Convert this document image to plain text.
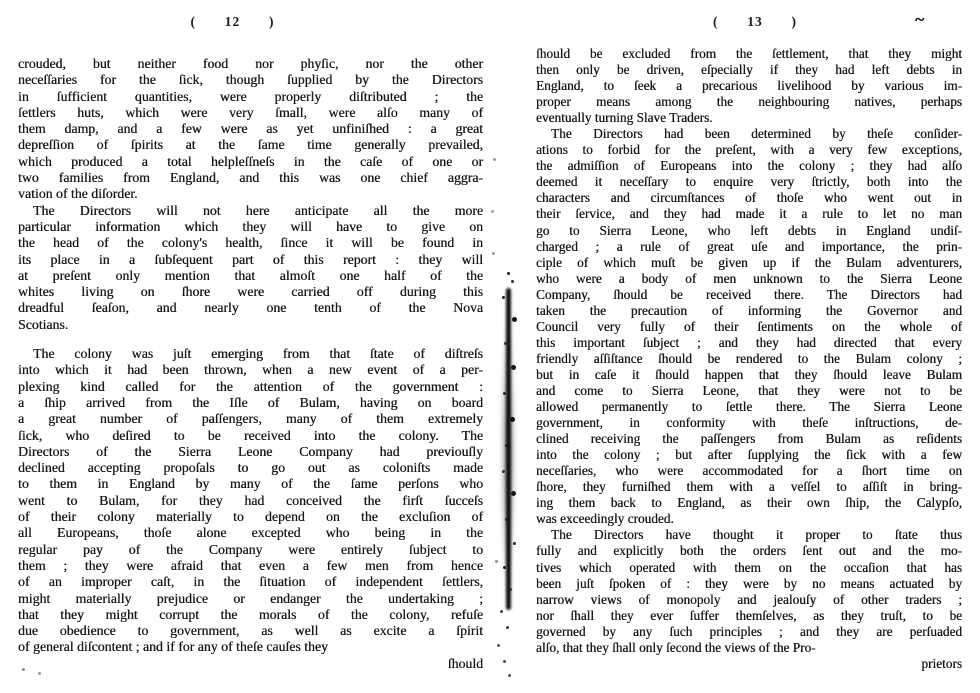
(  12  )
crouded, but neither food nor phyſic, nor the other
neceſſaries for the ſick, though ſupplied by the Directors
in ſufficient quantities, were properly diſtributed ; the
ſettlers huts, which were very ſmall, were alſo many of
them damp, and a few were as yet unfiniſhed : a great
depreſſion of ſpirits at the ſame time generally prevailed,
which produced a total helpleſſneſs in the caſe of one or
two families from England, and this was one chief aggra-
vation of the diſorder.
The Directors will not here anticipate all the more
particular information which they will have to give on
the head of the colony's health, ſince it will be found in
its place in a ſubſequent part of this report : they will
at preſent only mention that almoſt one half of the
whites living on ſhore were carried off during this
dreadful ſeaſon, and nearly one tenth of the Nova
Scotians.
The colony was juſt emerging from that ſtate of diſtreſs
into which it had been thrown, when a new event of a per-
plexing kind called for the attention of the government :
a ſhip arrived from the Iſle of Bulam, having on board
a great number of paſſengers, many of them extremely
ſick, who deſired to be received into the colony. The
Directors of the Sierra Leone Company had previouſly
declined accepting propoſals to go out as coloniſts made
to them in England by many of the ſame perſons who
went to Bulam, for they had conceived the firſt ſucceſs
of their colony materially to depend on the excluſion of
all Europeans, thoſe alone excepted who being in the
regular pay of the Company were entirely ſubject to
them ; they were afraid that even a few men from hence
of an improper caſt, in the ſituation of independent ſettlers,
might materially prejudice or endanger the undertaking ;
that they might corrupt the morals of the colony, refuſe
due obedience to government, as well as excite a ſpirit
of general diſcontent ; and if for any of theſe cauſes they
ſhould
(  13  )	~
ſhould be excluded from the ſettlement, that they might
then only be driven, eſpecially if they had left debts in
England, to ſeek a precarious livelihood by various im-
proper means among the neighbouring natives, perhaps
eventually turning Slave Traders.
The Directors had been determined by theſe conſider-
ations to forbid for the preſent, with a very few exceptions,
the admiſſion of Europeans into the colony ; they had alſo
deemed it neceſſary to enquire very ſtrictly, both into the
characters and circumſtances of thoſe who went out in
their ſervice, and they had made it a rule to let no man
go to Sierra Leone, who left debts in England undiſ-
charged ; a rule of great uſe and importance, the prin-
ciple of which muſt be given up if the Bulam adventurers,
who were a body of men unknown to the Sierra Leone
Company, ſhould be received there. The Directors had
taken the precaution of informing the Governor and
Council very fully of their ſentiments on the whole of
this important ſubject ; and they had directed that every
friendly aſſiſtance ſhould be rendered to the Bulam colony ;
but in caſe it ſhould happen that they ſhould leave Bulam
and come to Sierra Leone, that they were not to be
allowed permanently to ſettle there. The Sierra Leone
government, in conformity with theſe inſtructions, de-
clined receiving the paſſengers from Bulam as reſidents
into the colony ; but after ſupplying the ſick with a few
neceſſaries, who were accommodated for a ſhort time on
ſhore, they furniſhed them with a veſſel to aſſiſt in bring-
ing them back to England, as their own ſhip, the Calypſo,
was exceedingly crouded.
The Directors have thought it proper to ſtate thus
fully and explicitly both the orders ſent out and the mo-
tives which operated with them on the occaſion that has
been juſt ſpoken of : they were by no means actuated by
narrow views of monopoly and jealouſy of other traders ;
nor ſhall they ever ſuffer themſelves, as they truſt, to be
governed by any ſuch principles ; and they are perſuaded
alſo, that they ſhall only ſecond the views of the Pro-
prietors
